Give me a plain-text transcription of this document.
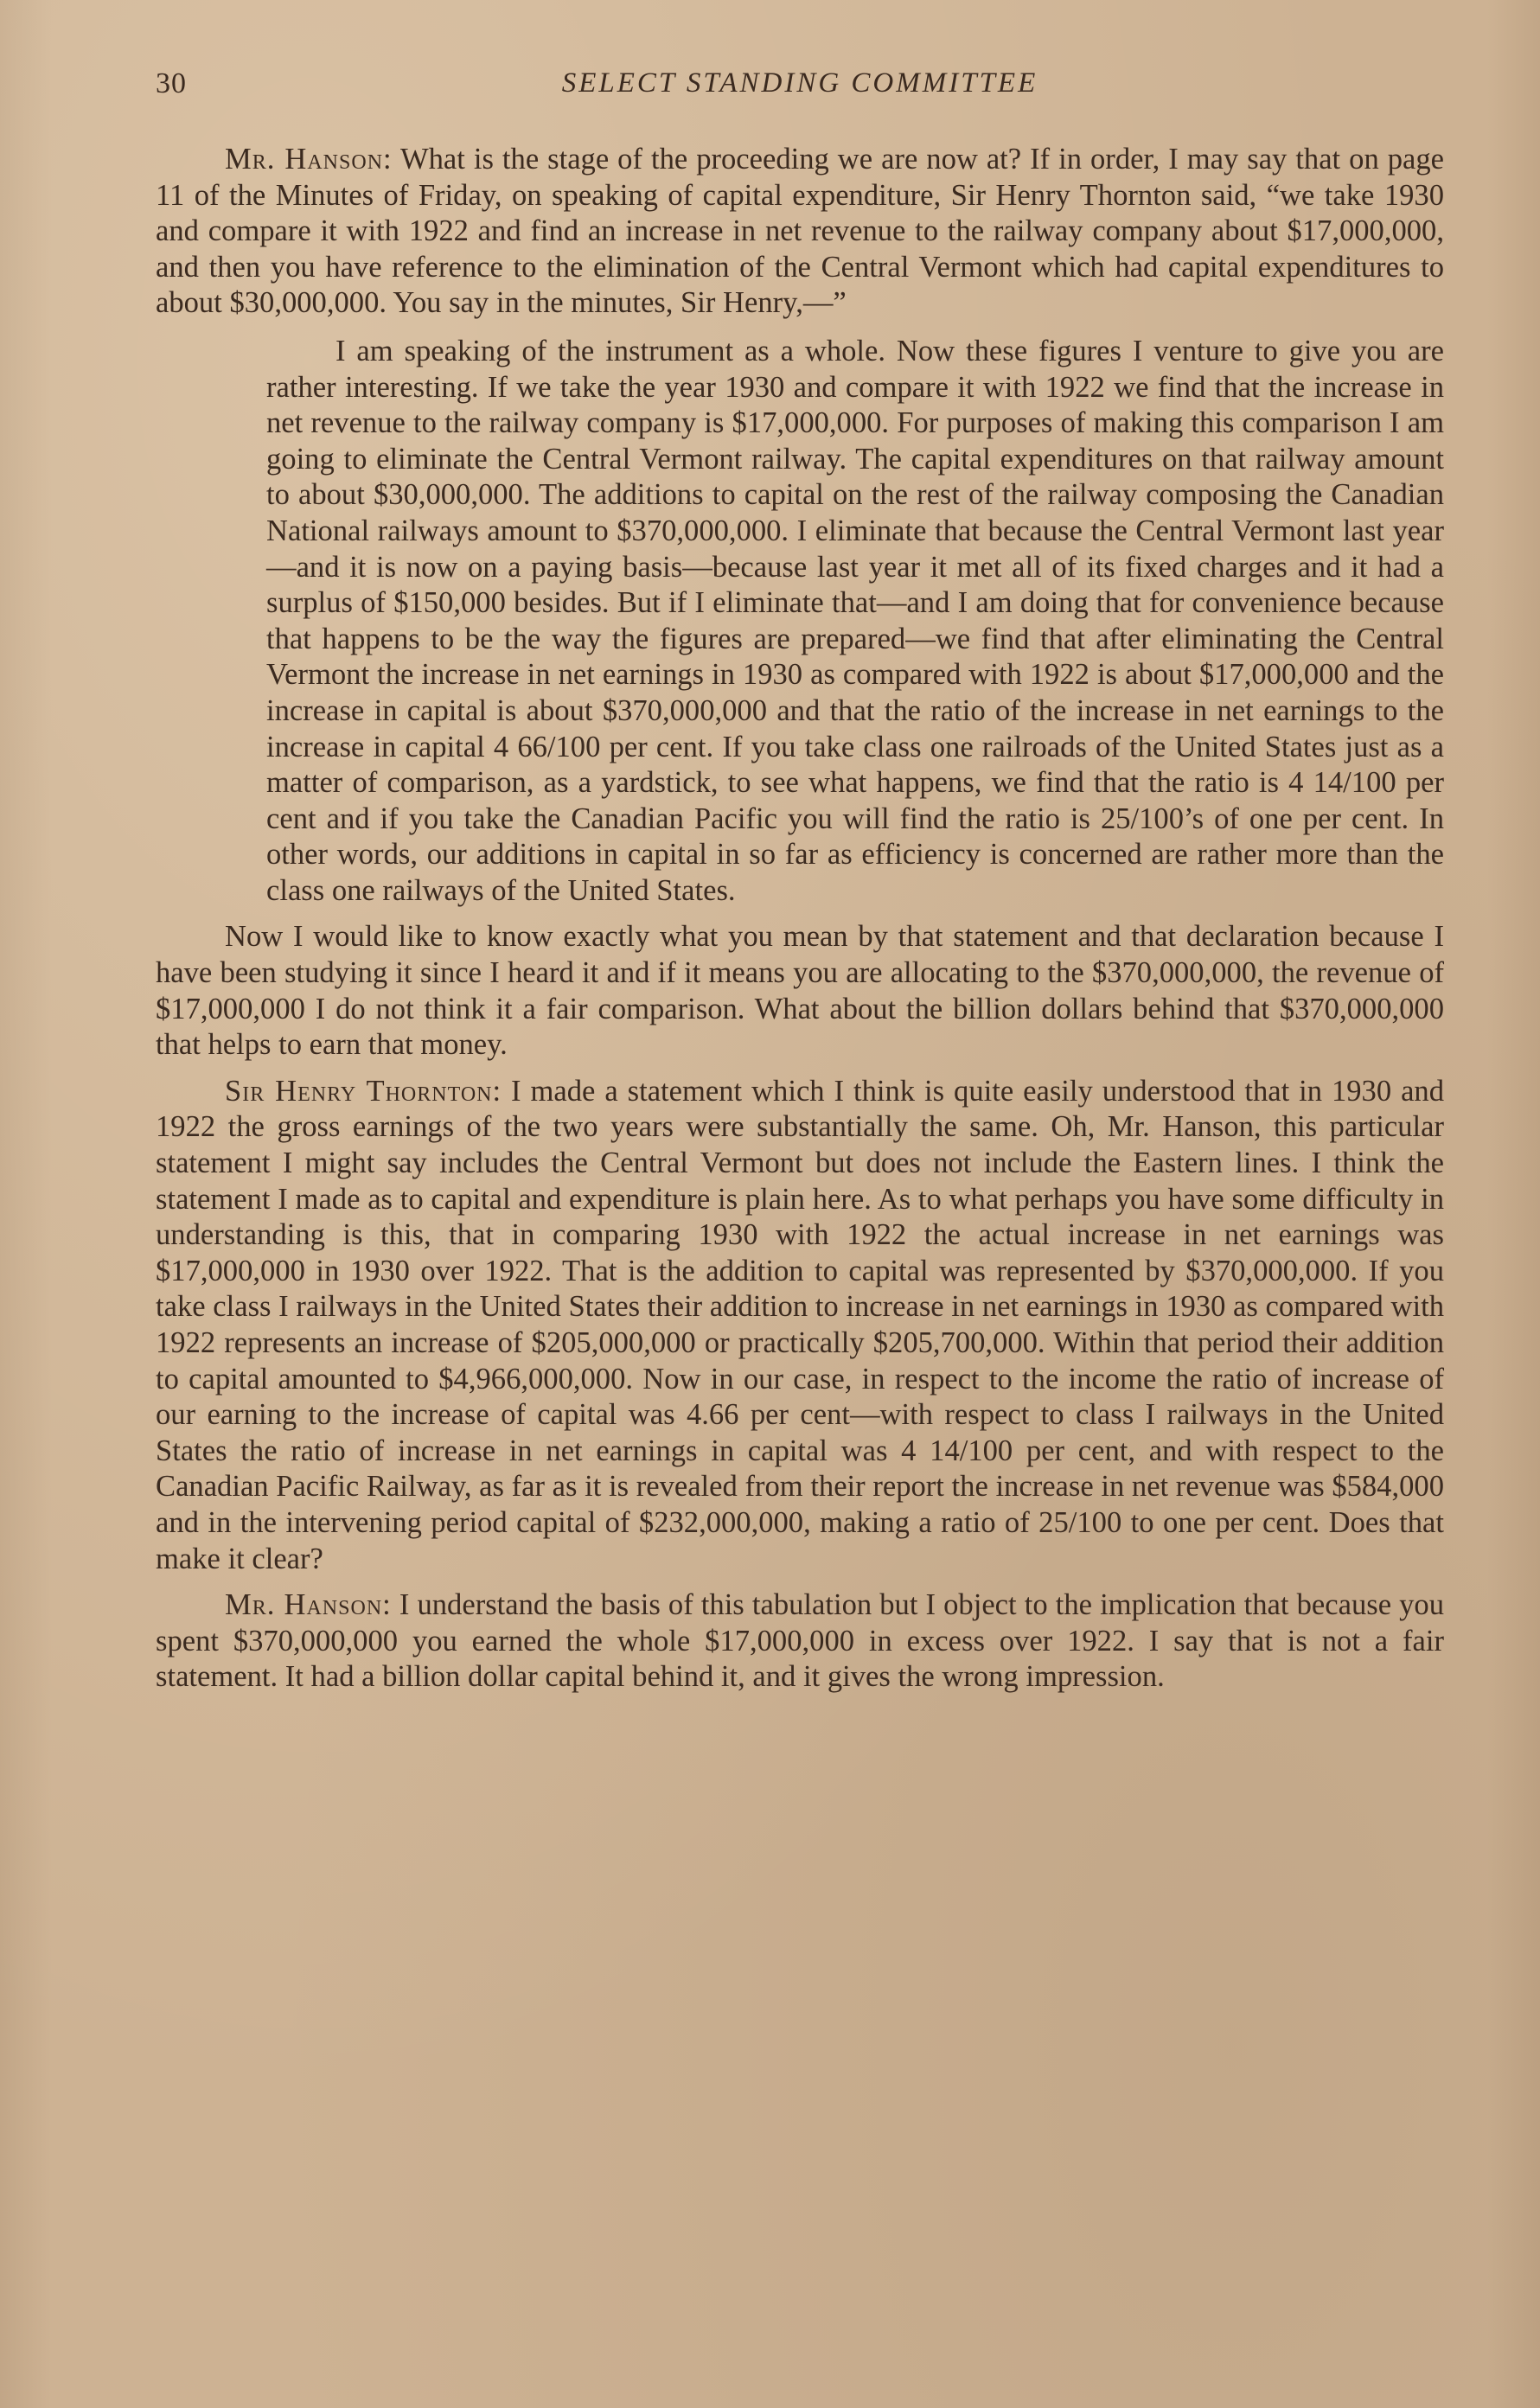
30	SELECT STANDING COMMITTEE

Mr. Hanson: What is the stage of the proceeding we are now at? If in order, I may say that on page 11 of the Minutes of Friday, on speaking of capital expenditure, Sir Henry Thornton said, “we take 1930 and compare it with 1922 and find an increase in net revenue to the railway company about $17,000,000, and then you have reference to the elimination of the Central Vermont which had capital expenditures to about $30,000,000. You say in the minutes, Sir Henry,—”

I am speaking of the instrument as a whole. Now these figures I venture to give you are rather interesting. If we take the year 1930 and compare it with 1922 we find that the increase in net revenue to the railway company is $17,000,000. For purposes of making this comparison I am going to eliminate the Central Vermont railway. The capital expenditures on that railway amount to about $30,000,000. The additions to capital on the rest of the railway composing the Canadian National railways amount to $370,000,000. I eliminate that because the Central Vermont last year—and it is now on a paying basis—because last year it met all of its fixed charges and it had a surplus of $150,000 besides. But if I eliminate that—and I am doing that for convenience because that happens to be the way the figures are prepared—we find that after eliminating the Central Vermont the increase in net earnings in 1930 as compared with 1922 is about $17,000,000 and the increase in capital is about $370,000,000 and that the ratio of the increase in net earnings to the increase in capital 4 66/100 per cent. If you take class one railroads of the United States just as a matter of comparison, as a yardstick, to see what happens, we find that the ratio is 4 14/100 per cent and if you take the Canadian Pacific you will find the ratio is 25/100’s of one per cent. In other words, our additions in capital in so far as efficiency is concerned are rather more than the class one railways of the United States.

Now I would like to know exactly what you mean by that statement and that declaration because I have been studying it since I heard it and if it means you are allocating to the $370,000,000, the revenue of $17,000,000 I do not think it a fair comparison. What about the billion dollars behind that $370,000,000 that helps to earn that money.

Sir Henry Thornton: I made a statement which I think is quite easily understood that in 1930 and 1922 the gross earnings of the two years were substantially the same. Oh, Mr. Hanson, this particular statement I might say includes the Central Vermont but does not include the Eastern lines. I think the statement I made as to capital and expenditure is plain here. As to what perhaps you have some difficulty in understanding is this, that in comparing 1930 with 1922 the actual increase in net earnings was $17,000,000 in 1930 over 1922. That is the addition to capital was represented by $370,000,000. If you take class I railways in the United States their addition to increase in net earnings in 1930 as compared with 1922 represents an increase of $205,000,000 or practically $205,700,000. Within that period their addition to capital amounted to $4,966,000,000. Now in our case, in respect to the income the ratio of increase of our earning to the increase of capital was 4.66 per cent—with respect to class I railways in the United States the ratio of increase in net earnings in capital was 4 14/100 per cent, and with respect to the Canadian Pacific Railway, as far as it is revealed from their report the increase in net revenue was $584,000 and in the intervening period capital of $232,000,000, making a ratio of 25/100 to one per cent. Does that make it clear?

Mr. Hanson: I understand the basis of this tabulation but I object to the implication that because you spent $370,000,000 you earned the whole $17,000,000 in excess over 1922. I say that is not a fair statement. It had a billion dollar capital behind it, and it gives the wrong impression.
